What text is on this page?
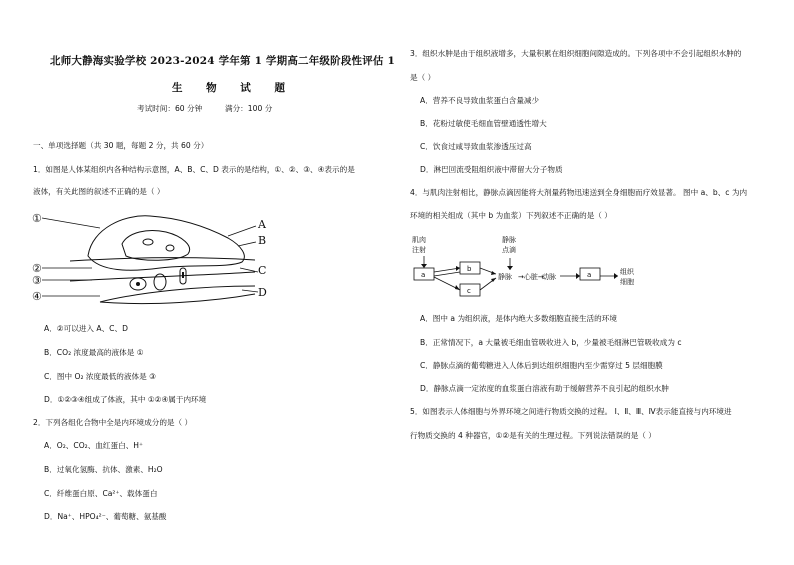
北师大静海实验学校 2023-2024 学年第 1 学期高二年级阶段性评估 1
生 物 试 题
考试时间：60 分钟	满分：100 分
一、单项选择题（共 30 题，每题 2 分，共 60 分）
1．如图是人体某组织内各种结构示意图，A、B、C、D 表示的是结构，①、②、③、④表示的是
液体，有关此图的叙述不正确的是（ ）
①
②
③
④
A
B
C
D
A．②可以进入 A、C、D
B．CO₂ 浓度最高的液体是 ①
C．图中 O₂ 浓度最低的液体是 ③
D．①②③④组成了体液，其中 ①②④属于内环境
2．下列各组化合物中全是内环境成分的是（ ）
A．O₂、CO₂、血红蛋白、H⁺
B．过氧化氢酶、抗体、激素、H₂O
C．纤维蛋白原、Ca²⁺、载体蛋白
D．Na⁺、HPO₄²⁻、葡萄糖、氨基酸
3．组织水肿是由于组织液增多，大量积累在组织细胞间隙造成的。下列各项中不会引起组织水肿的
是（ ）
A．营养不良导致血浆蛋白含量减少
B．花粉过敏使毛细血管壁通透性增大
C．饮食过咸导致血浆渗透压过高
D．淋巴回流受阻组织液中滞留大分子物质
4．与肌肉注射相比，静脉点滴因能将大剂量药物迅速送到全身细胞而疗效显著。 图中 a、b、c 为内
环境的相关组成（其中 b 为血浆）下列叙述不正确的是（ ）
肌肉
注射
静脉
点滴
a
b
c
静脉 →心脏→
动脉	a	组织
细胞
A．图中 a 为组织液，是体内绝大多数细胞直接生活的环境
B．正常情况下，a 大量被毛细血管吸收进入 b，少量被毛细淋巴管吸收成为 c
C．静脉点滴的葡萄糖进入人体后到达组织细胞内至少需穿过 5 层细胞膜
D．静脉点滴一定浓度的血浆蛋白溶液有助于缓解营养不良引起的组织水肿
5．如图表示人体细胞与外界环境之间进行物质交换的过程。 Ⅰ、Ⅱ、Ⅲ、Ⅳ表示能直接与内环境进
行物质交换的 4 种器官，①②是有关的生理过程。下列说法错误的是（ ）
